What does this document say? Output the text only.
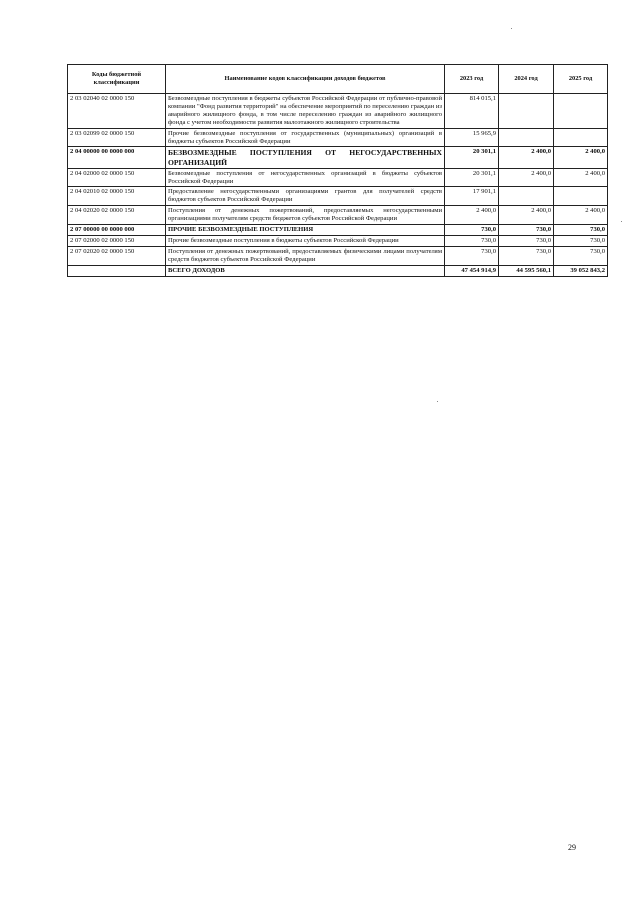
Коды бюджетной классификации	Наименование кодов классификации доходов бюджетов	2023 год	2024 год	2025 год
2 03 02040 02 0000 150	Безвозмездные поступления в бюджеты субъектов Российской Федерации от публично-правовой компании "Фонд развития территорий" на обеспечение мероприятий по переселению граждан из аварийного жилищного фонда, в том числе переселению граждан из аварийного жилищного фонда с учетом необходимости развития малоэтажного жилищного строительства	814 015,1		
2 03 02099 02 0000 150	Прочие безвозмездные поступления от государственных (муниципальных) организаций в бюджеты субъектов Российской Федерации	15 965,9		
2 04 00000 00 0000 000	БЕЗВОЗМЕЗДНЫЕ ПОСТУПЛЕНИЯ ОТ НЕГОСУДАРСТВЕННЫХ ОРГАНИЗАЦИЙ	20 301,1	2 400,0	2 400,0
2 04 02000 02 0000 150	Безвозмездные поступления от негосударственных организаций в бюджеты субъектов Российской Федерации	20 301,1	2 400,0	2 400,0
2 04 02010 02 0000 150	Предоставление негосударственными организациями грантов для получателей средств бюджетов субъектов Российской Федерации	17 901,1		
2 04 02020 02 0000 150	Поступления от денежных пожертвований, предоставляемых негосударственными организациями получателям средств бюджетов субъектов Российской Федерации	2 400,0	2 400,0	2 400,0
2 07 00000 00 0000 000	ПРОЧИЕ БЕЗВОЗМЕЗДНЫЕ ПОСТУПЛЕНИЯ	730,0	730,0	730,0
2 07 02000 02 0000 150	Прочие безвозмездные поступления в бюджеты субъектов Российской Федерации	730,0	730,0	730,0
2 07 02020 02 0000 150	Поступления от денежных пожертвований, предоставляемых физическими лицами получателям средств бюджетов субъектов Российской Федерации	730,0	730,0	730,0
	ВСЕГО ДОХОДОВ	47 454 914,9	44 595 560,1	39 052 843,2
29
